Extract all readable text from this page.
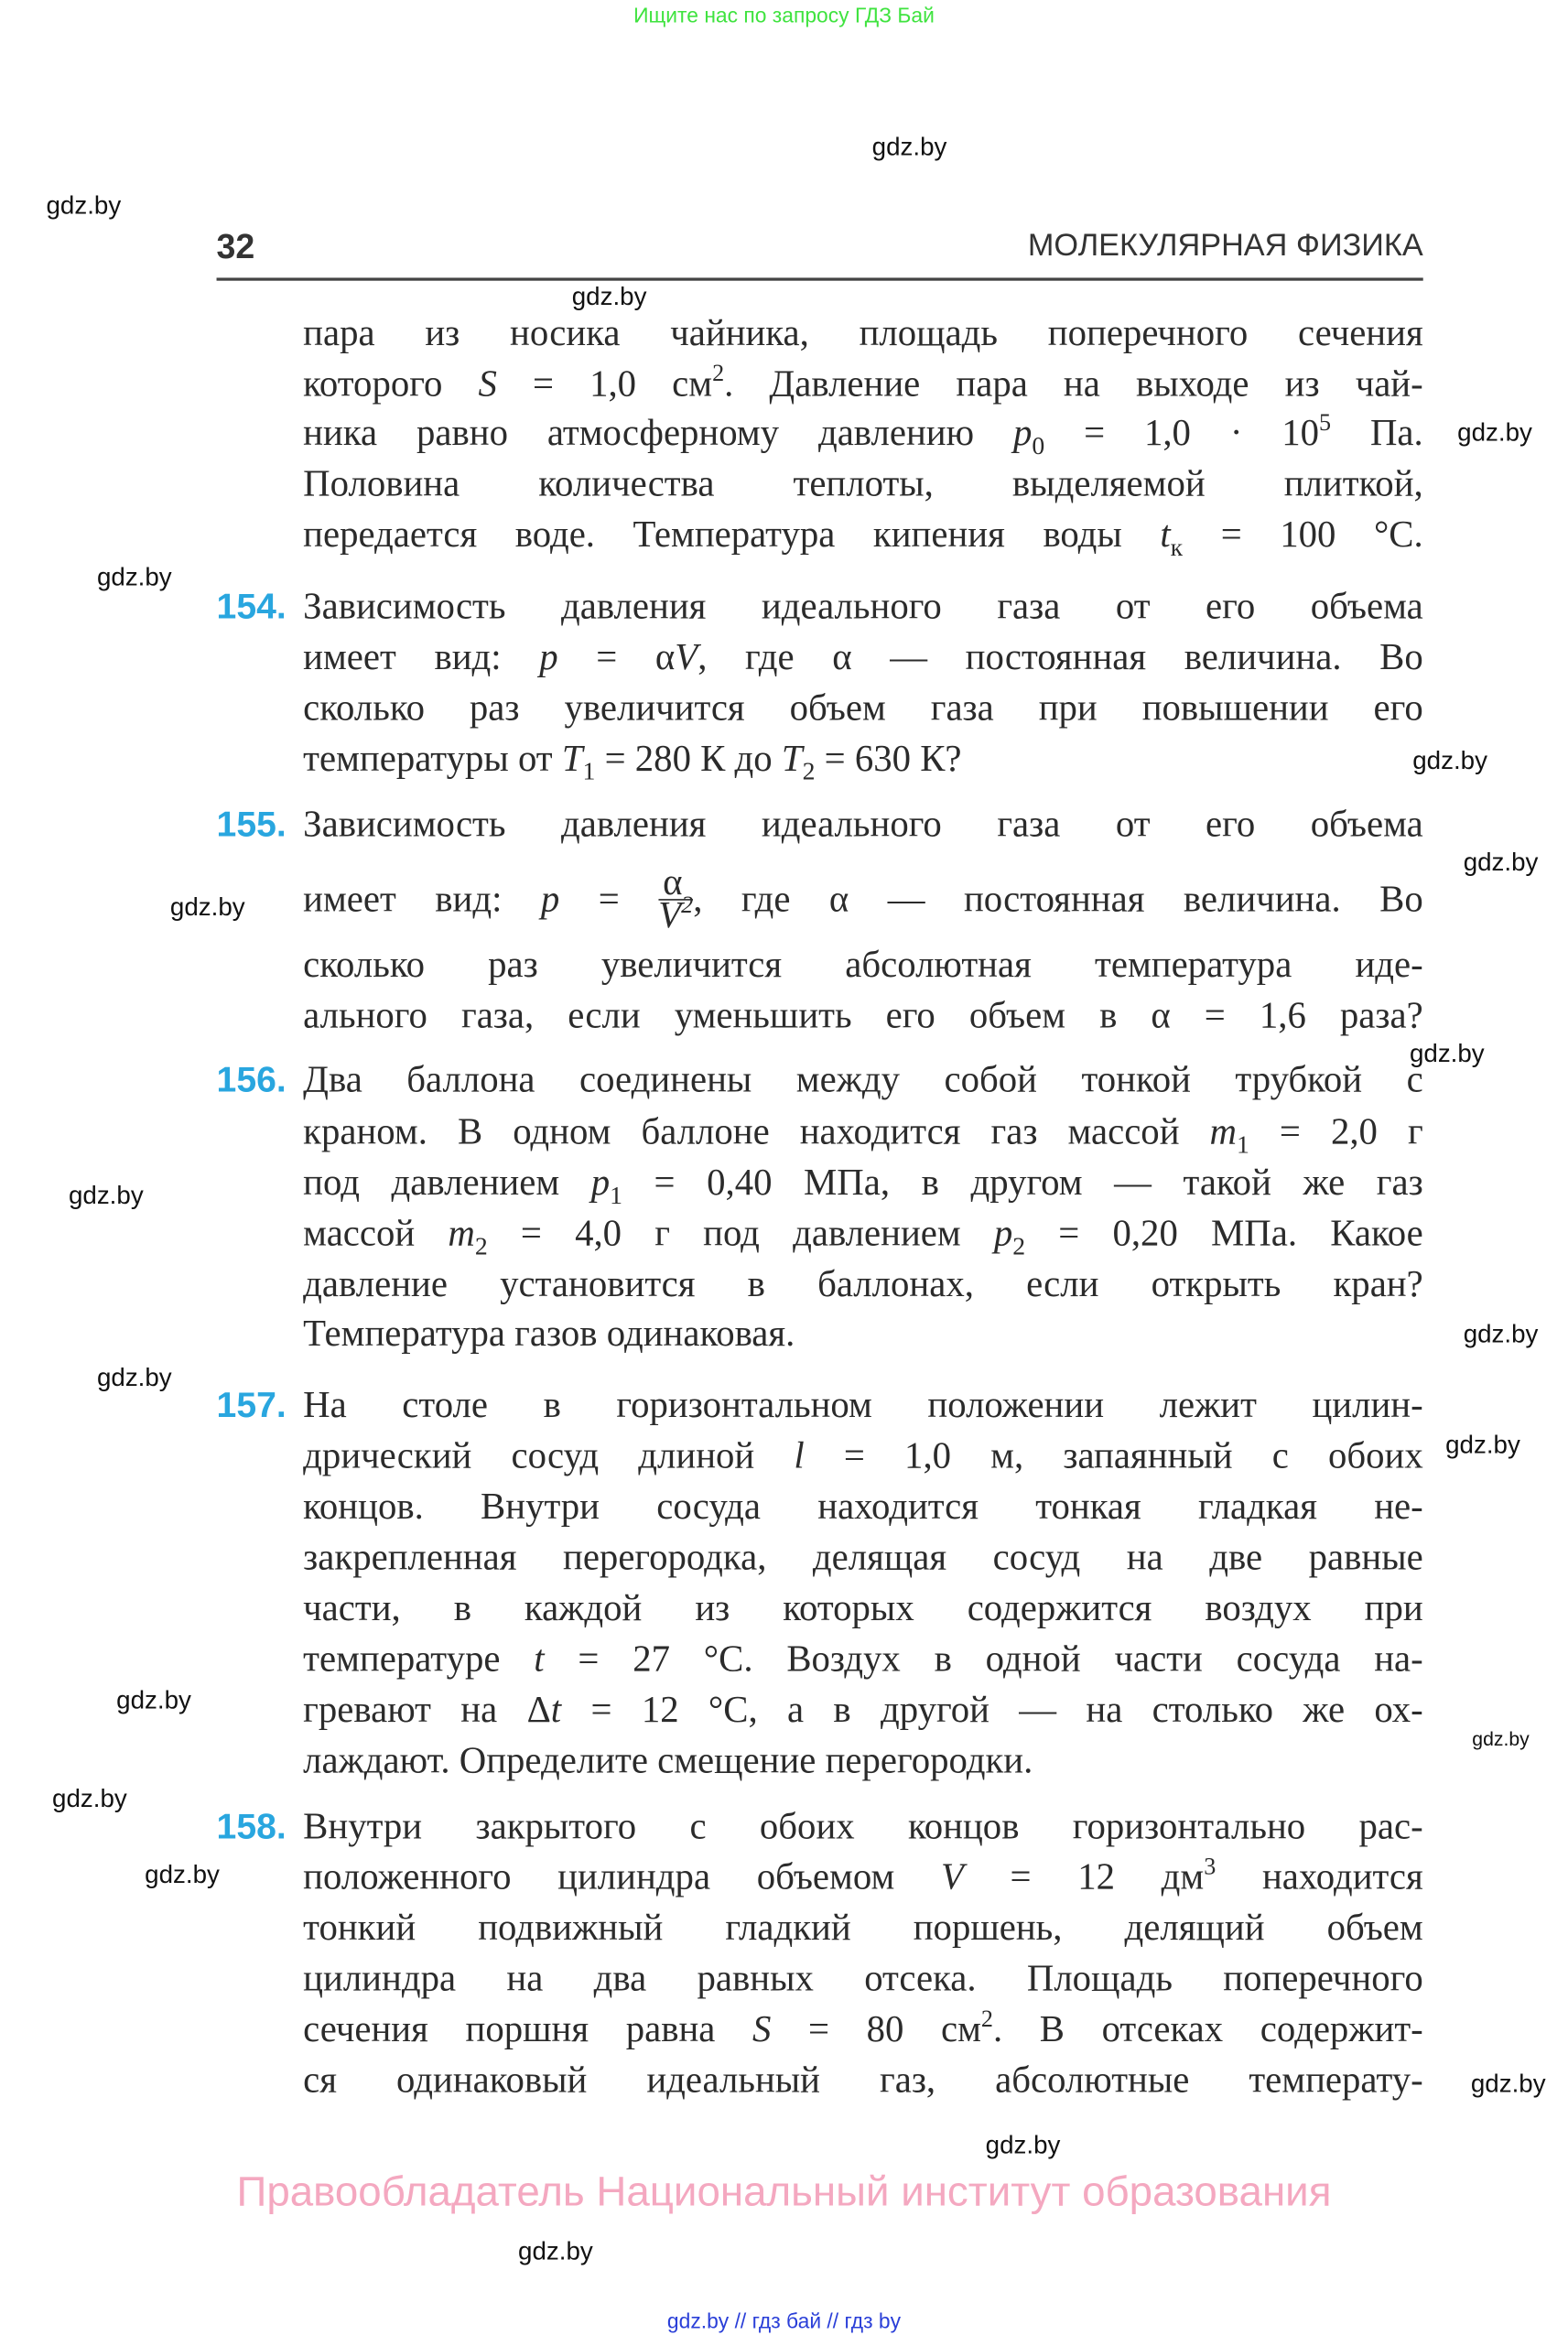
Ищите нас по запросу ГДЗ Бай
32	МОЛЕКУЛЯРНАЯ ФИЗИКА
пара из носика чайника, площадь поперечного сечения
которого S = 1,0 $см^2$. Давление пара на выходе из чай-
ника равно атмосферному давлению $p_0 = 1,0 \cdot 10^5$ Па.
Половина количества теплоты, выделяемой плиткой,
передается воде. Температура кипения воды $t_к = 100$ °C.
154. Зависимость давления идеального газа от его объема
имеет вид: p = αV, где α — постоянная величина. Во
сколько раз увеличится объем газа при повышении его
температуры от $T_1 = 280$ К до $T_2 = 630$ К?
155. Зависимость давления идеального газа от его объема
имеет вид: $p = \frac{\alpha}{V^2}$ , где α — постоянная величина. Во
сколько раз увеличится абсолютная температура иде-
ального газа, если уменьшить его объем в α = 1,6 раза?
156. Два баллона соединены между собой тонкой трубкой с
краном. В одном баллоне находится газ массой $m_1 = 2,0$ г
под давлением $p_1 = 0,40$ МПа, в другом — такой же газ
массой $m_2 = 4,0$ г под давлением $p_2 = 0,20$ МПа. Какое
давление установится в баллонах, если открыть кран?
Температура газов одинаковая.
157. На столе в горизонтальном положении лежит цилин-
дрический сосуд длиной l = 1,0 м, запаянный с обоих
концов. Внутри сосуда находится тонкая гладкая не-
закрепленная перегородка, делящая сосуд на две равные
части, в каждой из которых содержится воздух при
температуре t = 27 °C. Воздух в одной части сосуда на-
гревают на Δt = 12 °C, а в другой — на столько же ох-
лаждают. Определите смещение перегородки.
158. Внутри закрытого с обоих концов горизонтально рас-
положенного цилиндра объемом V = 12 $дм^3$ находится
тонкий подвижный гладкий поршень, делящий объем
цилиндра на два равных отсека. Площадь поперечного
сечения поршня равна S = 80 $см^2$. В отсеках содержит-
ся одинаковый идеальный газ, абсолютные температу-
gdz.by
gdz.by
gdz.by
gdz.by
gdz.by
gdz.by
gdz.by
gdz.by
gdz.by
gdz.by
gdz.by
gdz.by
gdz.by
gdz.by
gdz.by
gdz.by
gdz.by
gdz.by
gdz.by
gdz.by
Правообладатель Национальный институт образования
gdz.by // гдз бай // гдз by
